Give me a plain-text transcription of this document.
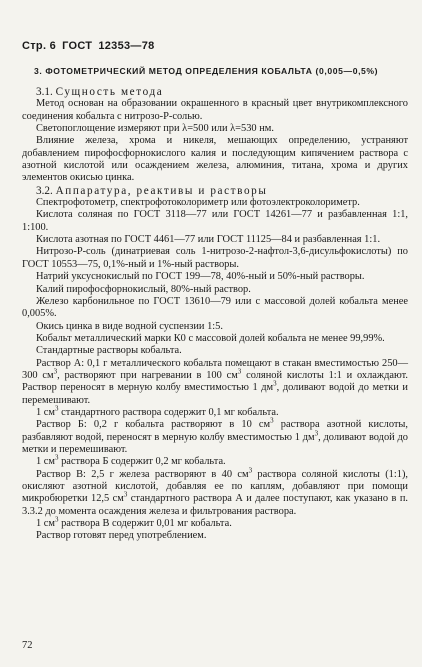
Стр. 6 ГОСТ 12353—78
3. ФОТОМЕТРИЧЕСКИЙ МЕТОД ОПРЕДЕЛЕНИЯ КОБАЛЬТА (0,005—0,5%)

3.1. Сущность метода

Метод основан на образовании окрашенного в красный цвет внутрикомплексного соединения кобальта с нитрозо-Р-солью.

Светопоглощение измеряют при λ=500 или λ=530 нм.

Влияние железа, хрома и никеля, мешающих определению, устраняют добавлением пирофосфорнокислого калия и последующим кипячением раствора с азотной кислотой или осаждением железа, алюминия, титана, хрома и других элементов окисью цинка.

3.2. Аппаратура, реактивы и растворы

Спектрофотометр, спектрофотоколориметр или фотоэлектроколориметр.

Кислота соляная по ГОСТ 3118—77 или ГОСТ 14261—77 и разбавленная 1:1, 1:100.

Кислота азотная по ГОСТ 4461—77 или ГОСТ 11125—84 и разбавленная 1:1.

Нитрозо-Р-соль (динатриевая соль 1-нитрозо-2-нафтол-3,6-дисульфокислоты) по ГОСТ 10553—75, 0,1%-ный и 1%-ный растворы.

Натрий уксуснокислый по ГОСТ 199—78, 40%-ный и 50%-ный растворы.

Калий пирофосфорнокислый, 80%-ный раствор.

Железо карбонильное по ГОСТ 13610—79 или с массовой долей кобальта менее 0,005%.

Окись цинка в виде водной суспензии 1:5.

Кобальт металлический марки К0 с массовой долей кобальта не менее 99,99%.

Стандартные растворы кобальта.

Раствор А: 0,1 г металлического кобальта помещают в стакан вместимостью 250—300 $см^3$, растворяют при нагревании в 100 $см^3$ соляной кислоты 1:1 и охлаждают. Раствор переносят в мерную колбу вместимостью 1 $дм^3$, доливают водой до метки и перемешивают.

1 $см^3$ стандартного раствора содержит 0,1 мг кобальта.

Раствор Б: 0,2 г кобальта растворяют в 10 $см^3$ раствора азотной кислоты, разбавляют водой, переносят в мерную колбу вместимостью 1 $дм^3$, доливают водой до метки и перемешивают.

1 $см^3$ раствора Б содержит 0,2 мг кобальта.

Раствор В: 2,5 г железа растворяют в 40 $см^3$ раствора соляной кислоты (1:1), окисляют азотной кислотой, добавляя ее по каплям, добавляют при помощи микробюретки 12,5 $см^3$ стандартного раствора А и далее поступают, как указано в п. 3.3.2 до момента осаждения железа и фильтрования раствора.

1 $см^3$ раствора В содержит 0,01 мг кобальта.

Раствор готовят перед употреблением.

72
